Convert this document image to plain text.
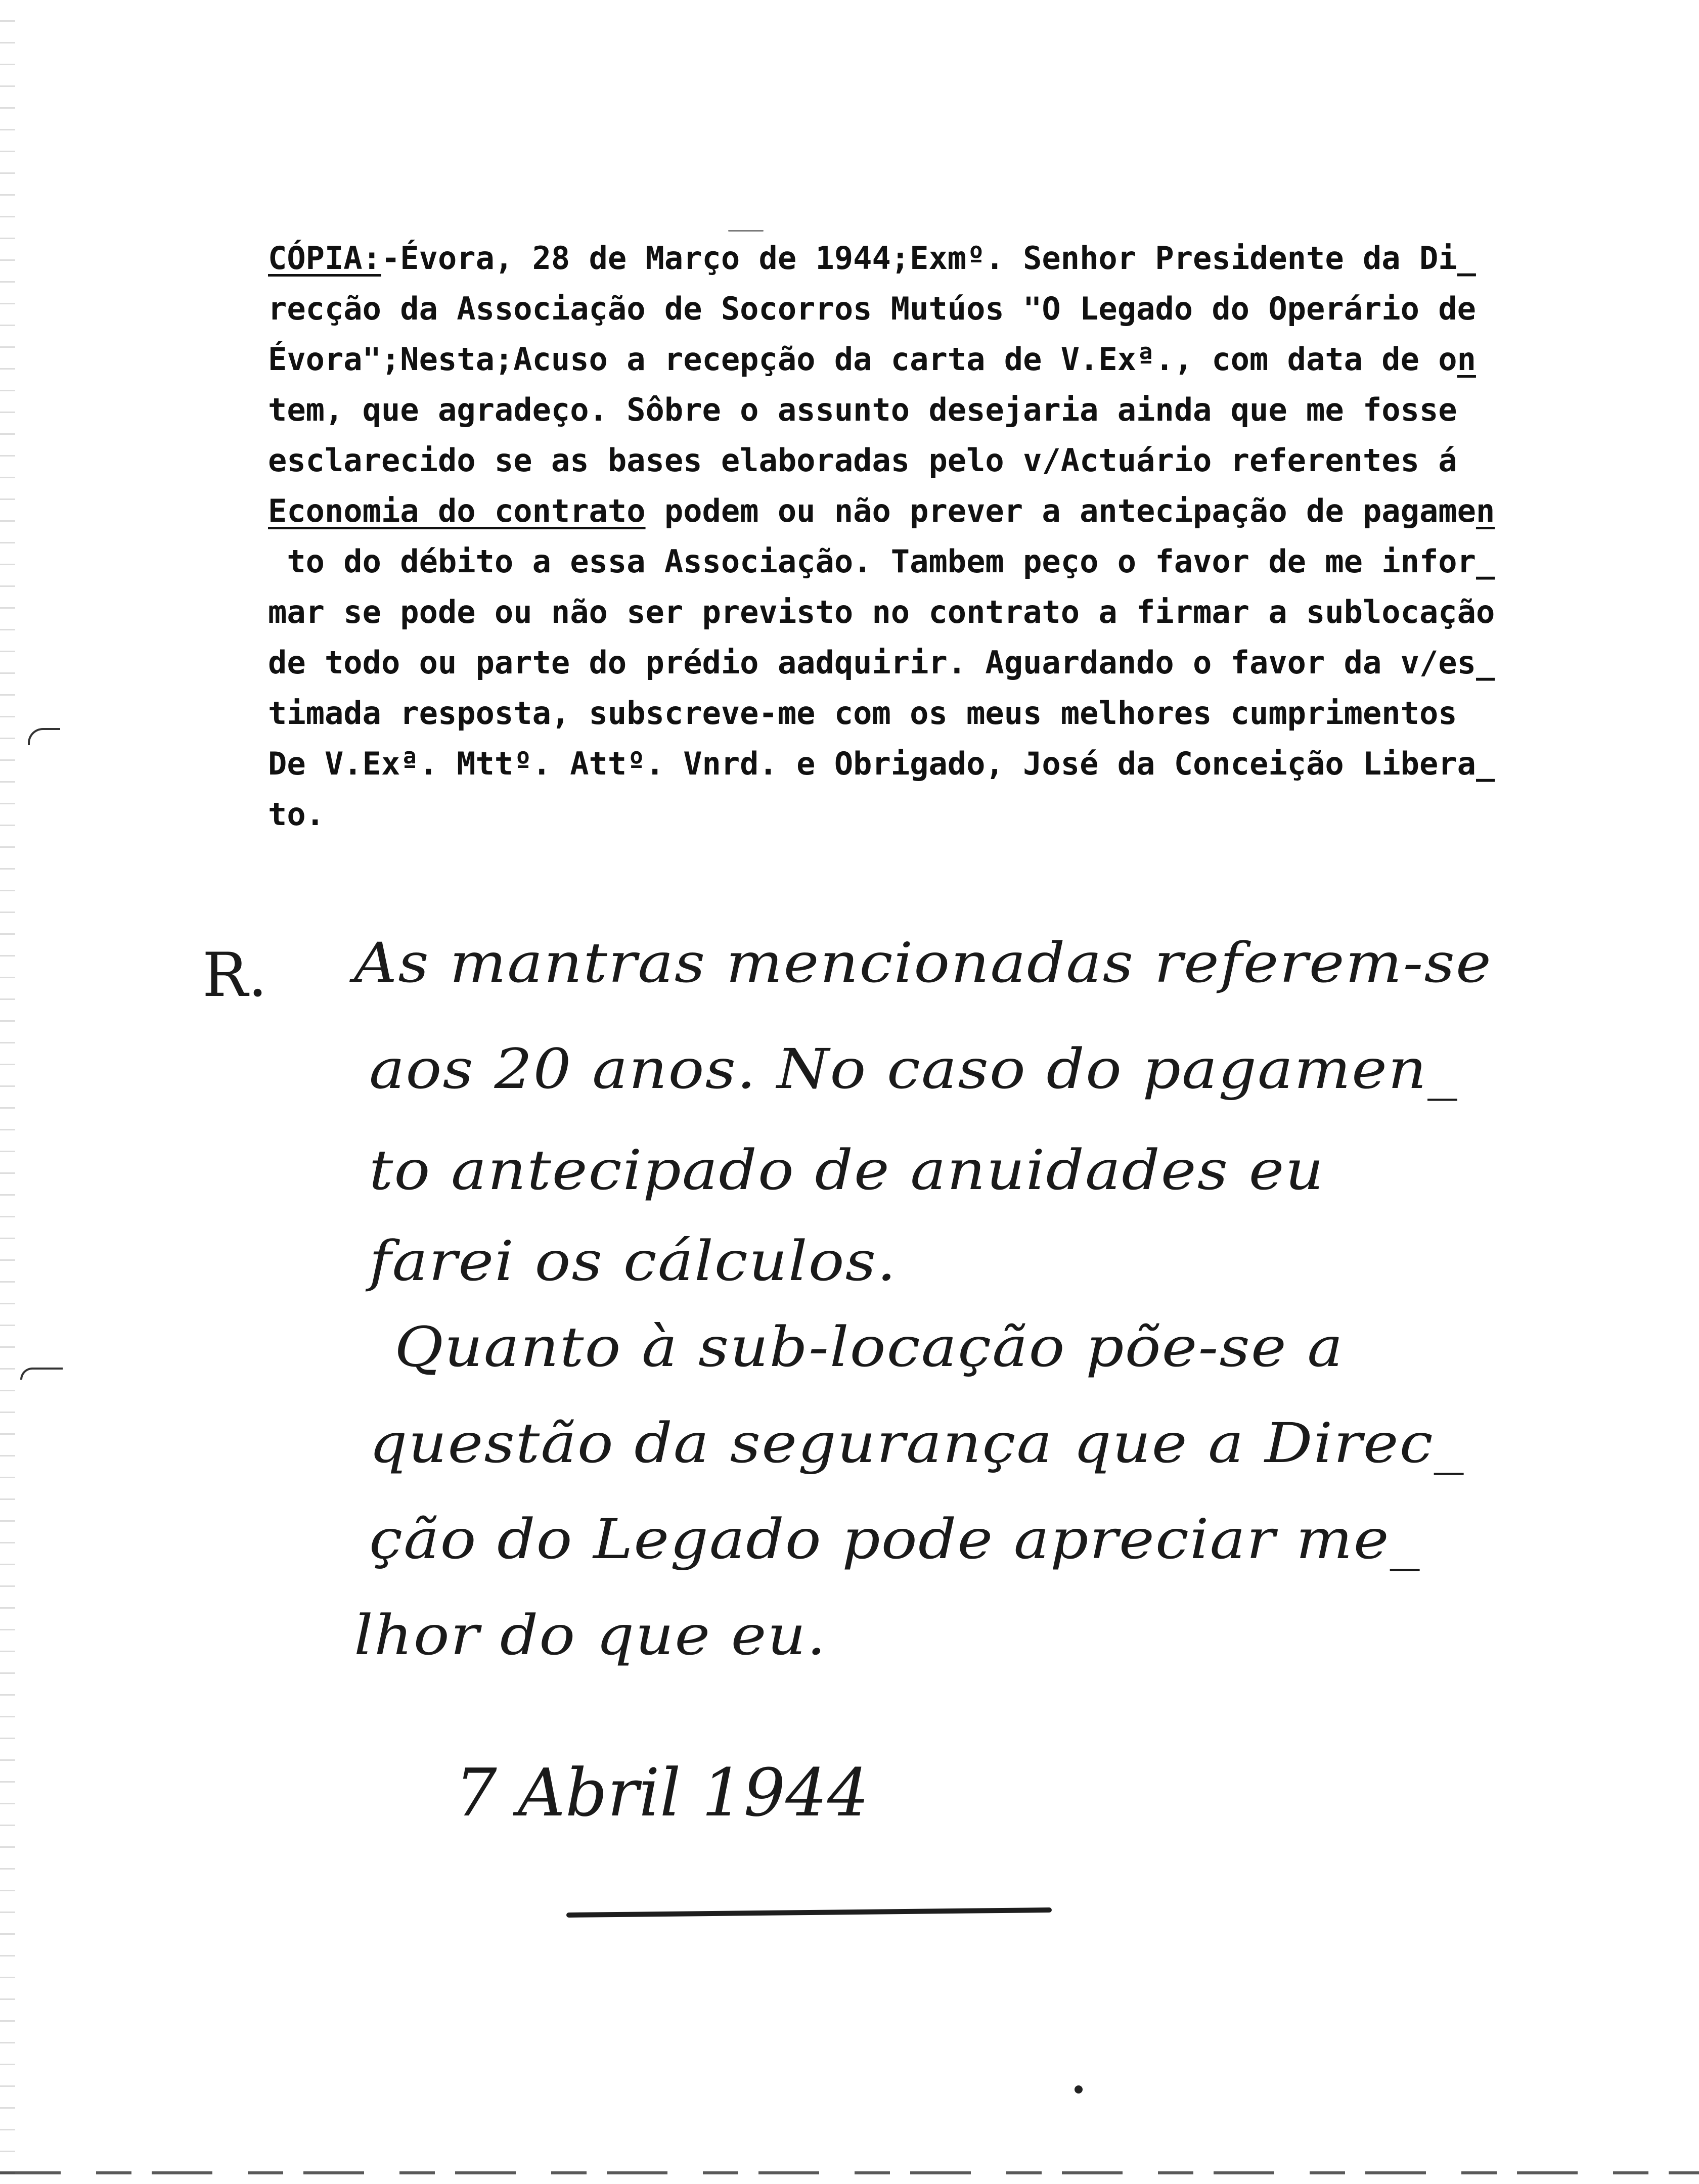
CÓPIA:-Évora, 28 de Março de 1944;Exmº. Senhor Presidente da Di_
recção da Associação de Socorros Mutúos "O Legado do Operário de
Évora";Nesta;Acuso a recepção da carta de V.Exª., com data de on
tem, que agradeço. Sôbre o assunto desejaria ainda que me fosse
esclarecido se as bases elaboradas pelo v/Actuário referentes á
Economia do contrato podem ou não prever a antecipação de pagamen
to do débito a essa Associação. Tambem peço o favor de me infor_
mar se pode ou não ser previsto no contrato a firmar a sublocação
de todo ou parte do prédio aadquirir. Aguardando o favor da v/es_
timada resposta, subscreve-me com os meus melhores cumprimentos
De V.Exª. Mttº. Attº. Vnrd. e Obrigado, José da Conceição Libera_
to.
R. As mantras mencionadas referem-se
aos 20 anos. No caso do pagamen_
to antecipado de anuidades eu
farei os cálculos.
Quanto à sub-locação põe-se a
questão da segurança que a Direc_
ção do Legado pode apreciar me_
lhor do que eu.
7 Abril 1944
